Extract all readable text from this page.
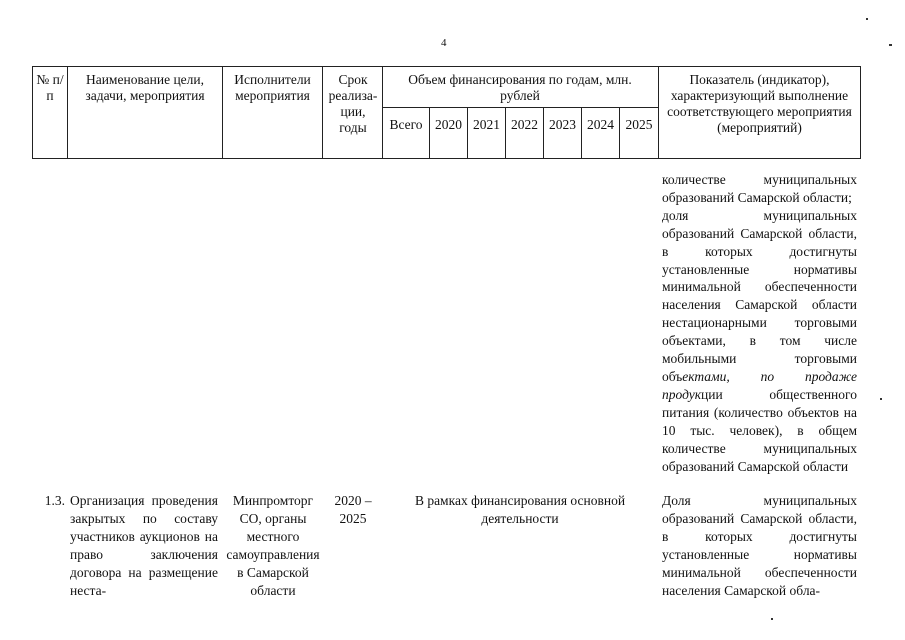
4
№ п/п
Наименование цели, задачи, мероприятия
Исполнители мероприятия
Срок реализа-ции, годы
Объем финансирования по годам, млн. рублей
Показатель (индикатор), характеризующий выполнение соответствующего мероприятия (мероприятий)
Всего 2020 2021 2022 2023 2024 2025
количестве муниципальных образований Самарской области;
доля муниципальных образований Самарской области, в которых достигнуты установленные нормативы минимальной обеспеченности населения Самарской области нестационарными торговыми объектами, в том числе мобильными торговыми объектами, по продаже продукции общественного питания (количество объектов на 10 тыс. человек), в общем количестве муниципальных образований Самарской области
1.3. Организация проведения закрытых по составу участников аукционов на право заключения договора на размещение неста-
Минпромторг СО, органы местного самоуправления в Самарской области
2020 – 2025
В рамках финансирования основной деятельности
Доля муниципальных образований Самарской области, в которых достигнуты установленные нормативы минимальной обеспеченности населения Самарской обла-
